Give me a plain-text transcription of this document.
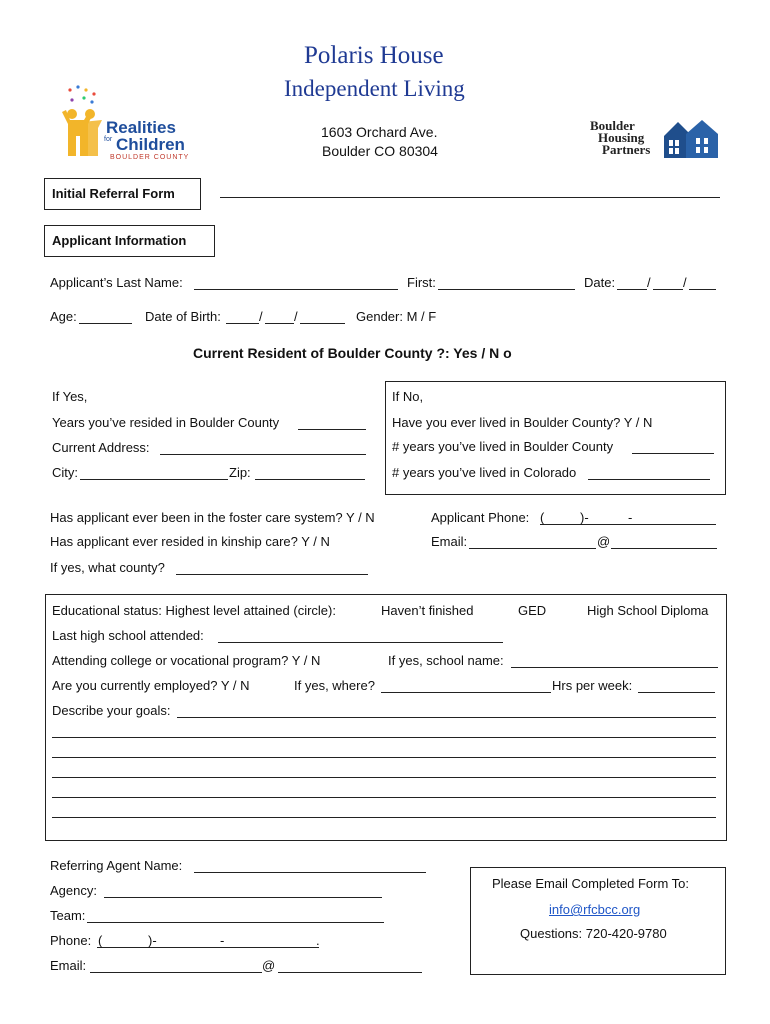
Polaris House
Independent Living
1603 Orchard Ave.
Boulder CO 80304
Realities
for Children
BOULDER COUNTY
Boulder
Housing
Partners
Initial Referral Form
Applicant Information
Applicant’s Last Name:	First:	Date: / /
Age:	Date of Birth:	/ /	Gender: M / F
Current Resident of Boulder County ?: Yes / N o
If Yes,
Years you’ve resided in Boulder County
Current Address:
City:	Zip:
If No,
Have you ever lived in Boulder County? Y / N
# years you’ve lived in Boulder County
# years you’ve lived in Colorado
Has applicant ever been in the foster care system? Y / N
Has applicant ever resided in kinship care? Y / N
If yes, what county?
Applicant Phone: (	)-	-
Email:	@
Educational status: Highest level attained (circle):	Haven’t finished	GED	High School Diploma
Last high school attended:
Attending college or vocational program? Y / N	If yes, school name:
Are you currently employed? Y / N	If yes, where?	Hrs per week:
Describe your goals:
Referring Agent Name:
Agency:
Team:
Phone: (	)-	-	.
Email:	@
Please Email Completed Form To:
info@rfcbcc.org
Questions: 720-420-9780
